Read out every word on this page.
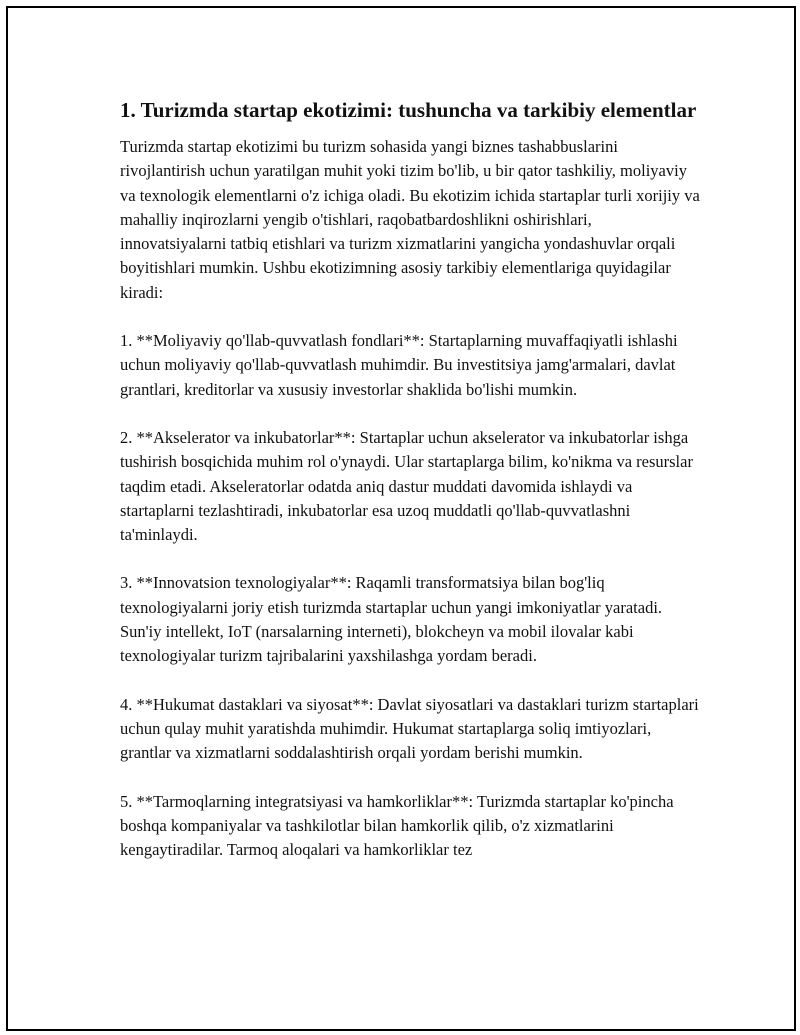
1. Turizmda startap ekotizimi: tushuncha va tarkibiy elementlar

Turizmda startap ekotizimi bu turizm sohasida yangi biznes tashabbuslarini rivojlantirish uchun yaratilgan muhit yoki tizim bo'lib, u bir qator tashkiliy, moliyaviy va texnologik elementlarni o'z ichiga oladi. Bu ekotizim ichida startaplar turli xorijiy va mahalliy inqirozlarni yengib o'tishlari, raqobatbardoshlikni oshirishlari, innovatsiyalarni tatbiq etishlari va turizm xizmatlarini yangicha yondashuvlar orqali boyitishlari mumkin. Ushbu ekotizimning asosiy tarkibiy elementlariga quyidagilar kiradi:

1. **Moliyaviy qo'llab-quvvatlash fondlari**: Startaplarning muvaffaqiyatli ishlashi uchun moliyaviy qo'llab-quvvatlash muhimdir. Bu investitsiya jamg'armalari, davlat grantlari, kreditorlar va xususiy investorlar shaklida bo'lishi mumkin.

2. **Akselerator va inkubatorlar**: Startaplar uchun akselerator va inkubatorlar ishga tushirish bosqichida muhim rol o'ynaydi. Ular startaplarga bilim, ko'nikma va resurslar taqdim etadi. Akseleratorlar odatda aniq dastur muddati davomida ishlaydi va startaplarni tezlashtiradi, inkubatorlar esa uzoq muddatli qo'llab-quvvatlashni ta'minlaydi.

3. **Innovatsion texnologiyalar**: Raqamli transformatsiya bilan bog'liq texnologiyalarni joriy etish turizmda startaplar uchun yangi imkoniyatlar yaratadi. Sun'iy intellekt, IoT (narsalarning interneti), blokcheyn va mobil ilovalar kabi texnologiyalar turizm tajribalarini yaxshilashga yordam beradi.

4. **Hukumat dastaklari va siyosat**: Davlat siyosatlari va dastaklari turizm startaplari uchun qulay muhit yaratishda muhimdir. Hukumat startaplarga soliq imtiyozlari, grantlar va xizmatlarni soddalashtirish orqali yordam berishi mumkin.

5. **Tarmoqlarning integratsiyasi va hamkorliklar**: Turizmda startaplar ko'pincha boshqa kompaniyalar va tashkilotlar bilan hamkorlik qilib, o'z xizmatlarini kengaytiradilar. Tarmoq aloqalari va hamkorliklar tez
